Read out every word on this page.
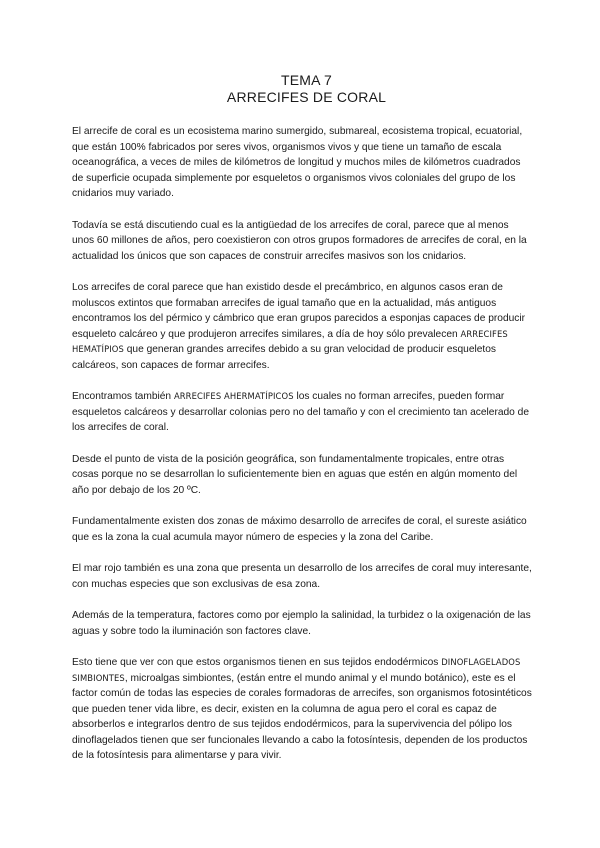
TEMA 7
ARRECIFES DE CORAL

El arrecife de coral es un ecosistema marino sumergido, submareal, ecosistema tropical, ecuatorial, que están 100% fabricados por seres vivos, organismos vivos y que tiene un tamaño de escala oceanográfica, a veces de miles de kilómetros de longitud y muchos miles de kilómetros cuadrados de superficie ocupada simplemente por esqueletos o organismos vivos coloniales del grupo de los cnidarios muy variado.

Todavía se está discutiendo cual es la antigüedad de los arrecifes de coral, parece que al menos unos 60 millones de años, pero coexistieron con otros grupos formadores de arrecifes de coral, en la actualidad los únicos que son capaces de construir arrecifes masivos son los cnidarios.

Los arrecifes de coral parece que han existido desde el precámbrico, en algunos casos eran de moluscos extintos que formaban arrecifes de igual tamaño que en la actualidad, más antiguos encontramos los del pérmico y cámbrico que eran grupos parecidos a esponjas capaces de producir esqueleto calcáreo y que produjeron arrecifes similares, a día de hoy sólo prevalecen ARRECIFES HEMATÍPIOS que generan grandes arrecifes debido a su gran velocidad de producir esqueletos calcáreos, son capaces de formar arrecifes.

Encontramos también ARRECIFES AHERMATÍPICOS los cuales no forman arrecifes, pueden formar esqueletos calcáreos y desarrollar colonias pero no del tamaño y con el crecimiento tan acelerado de los arrecifes de coral.

Desde el punto de vista de la posición geográfica, son fundamentalmente tropicales, entre otras cosas porque no se desarrollan lo suficientemente bien en aguas que estén en algún momento del año por debajo de los 20 ºC.

Fundamentalmente existen dos zonas de máximo desarrollo de arrecifes de coral, el sureste asiático que es la zona la cual acumula mayor número de especies y la zona del Caribe.

El mar rojo también es una zona que presenta un desarrollo de los arrecifes de coral muy interesante, con muchas especies que son exclusivas de esa zona.

Además de la temperatura, factores como por ejemplo la salinidad, la turbidez o la oxigenación de las aguas y sobre todo la iluminación son factores clave.

Esto tiene que ver con que estos organismos tienen en sus tejidos endodérmicos DINOFLAGELADOS SIMBIONTES, microalgas simbiontes, (están entre el mundo animal y el mundo botánico), este es el factor común de todas las especies de corales formadoras de arrecifes, son organismos fotosintéticos que pueden tener vida libre, es decir, existen en la columna de agua pero el coral es capaz de absorberlos e integrarlos dentro de sus tejidos endodérmicos, para la supervivencia del pólipo los dinoflagelados tienen que ser funcionales llevando a cabo la fotosíntesis, dependen de los productos de la fotosíntesis para alimentarse y para vivir.
